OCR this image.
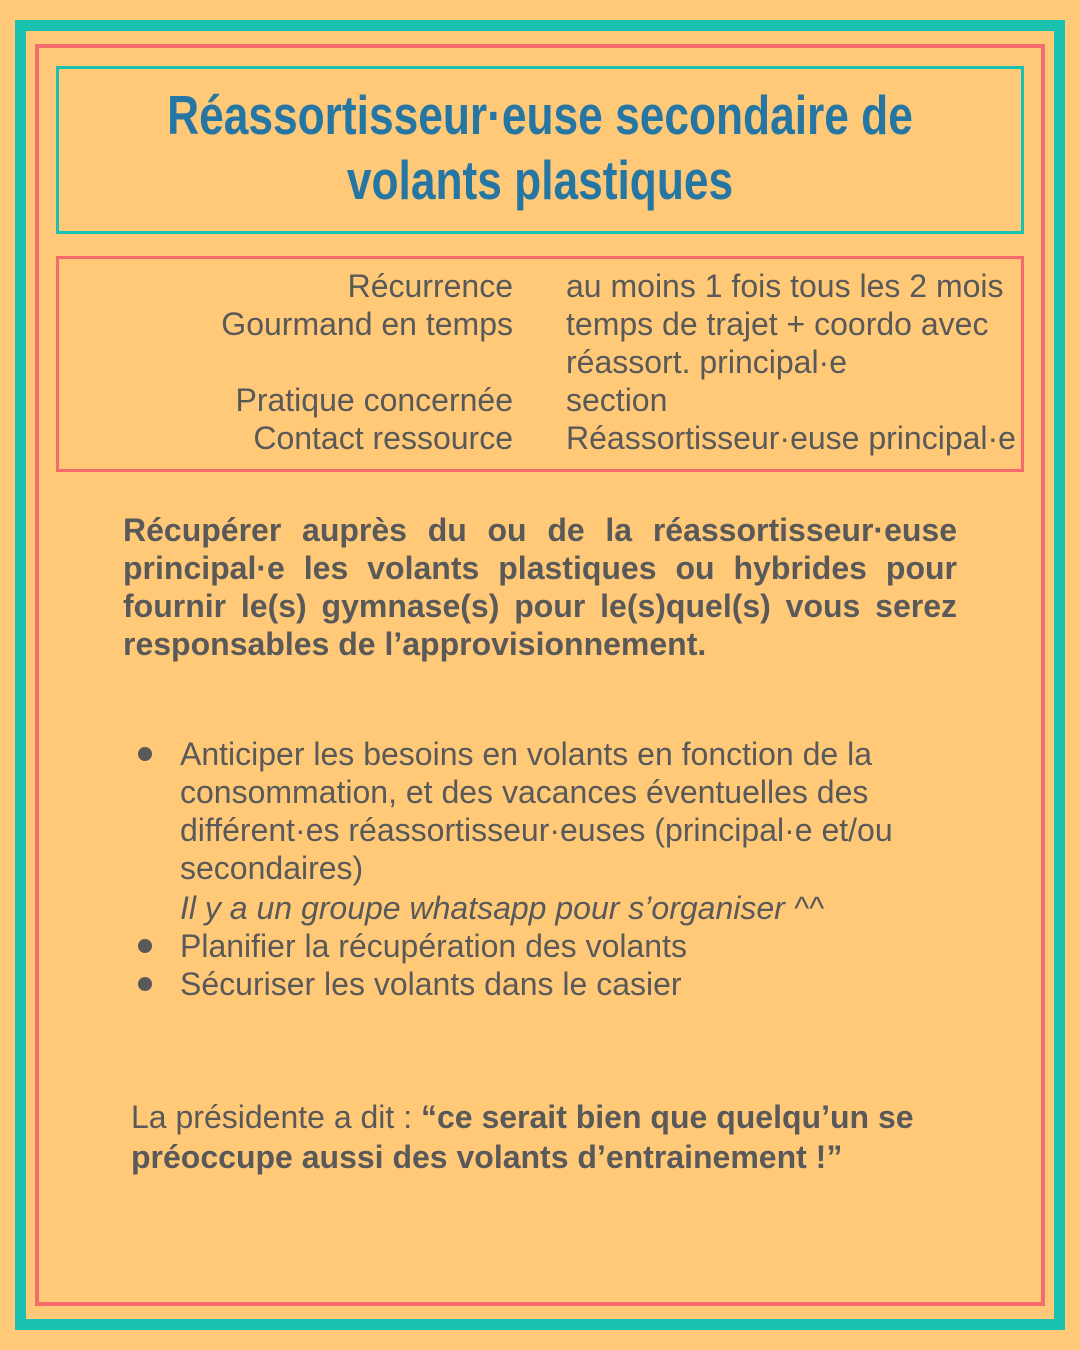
Réassortisseur·euse secondaire de volants plastiques
Récurrence au moins 1 fois tous les 2 mois
Gourmand en temps temps de trajet + coordo avec réassort. principal·e
Pratique concernée section
Contact ressource Réassortisseur·euse principal·e

Récupérer auprès du ou de la réassortisseur·euse principal·e les volants plastiques ou hybrides pour fournir le(s) gymnase(s) pour le(s)quel(s) vous serez responsables de l’approvisionnement.

Anticiper les besoins en volants en fonction de la consommation, et des vacances éventuelles des différent·es réassortisseur·euses (principal·e et/ou secondaires)
Il y a un groupe whatsapp pour s’organiser ^^
Planifier la récupération des volants
Sécuriser les volants dans le casier

La présidente a dit : “ce serait bien que quelqu’un se préoccupe aussi des volants d’entrainement !”
